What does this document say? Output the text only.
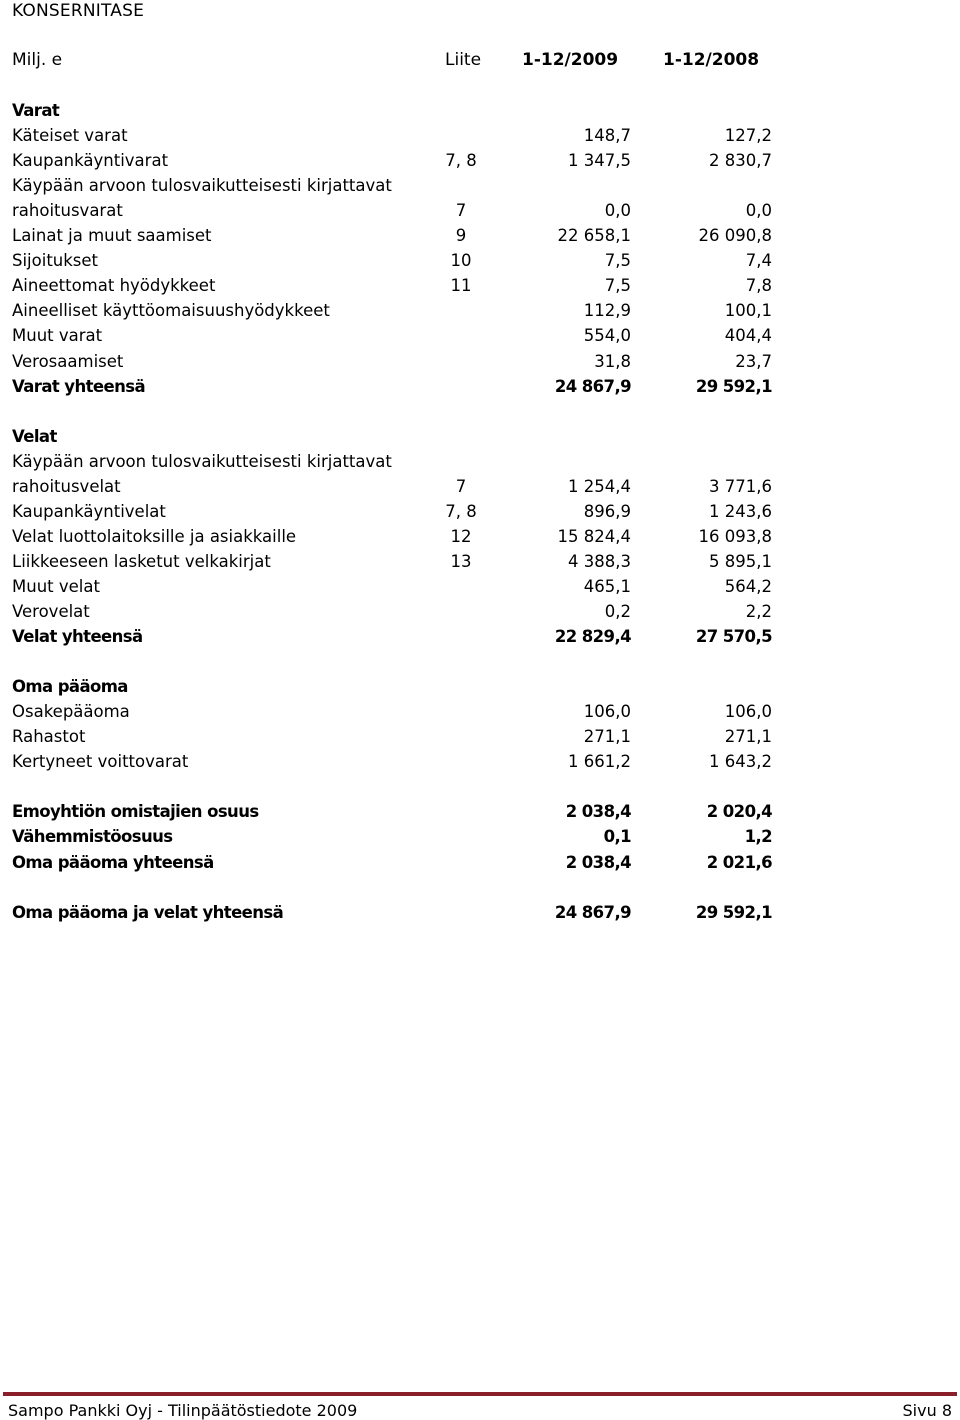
KONSERNITASE
Milj. e	Liite 1-12/2009	1-12/2008
Varat
Käteiset varat	148,7	127,2
Kaupankäyntivarat	7, 8	1 347,5	2 830,7
Käypään arvoon tulosvaikutteisesti kirjattavat
rahoitusvarat	7	0,0	0,0
Lainat ja muut saamiset	9	22 658,1	26 090,8
Sijoitukset	10	7,5	7,4
Aineettomat hyödykkeet	11	7,5	7,8
Aineelliset käyttöomaisuushyödykkeet	112,9	100,1
Muut varat	554,0	404,4
Verosaamiset	31,8	23,7
Varat yhteensä	24 867,9	29 592,1
Velat
Käypään arvoon tulosvaikutteisesti kirjattavat
rahoitusvelat	7	1 254,4	3 771,6
Kaupankäyntivelat	7, 8	896,9	1 243,6
Velat luottolaitoksille ja asiakkaille	12	15 824,4	16 093,8
Liikkeeseen lasketut velkakirjat	13	4 388,3	5 895,1
Muut velat	465,1	564,2
Verovelat	0,2	2,2
Velat yhteensä	22 829,4	27 570,5
Oma pääoma
Osakepääoma	106,0	106,0
Rahastot	271,1	271,1
Kertyneet voittovarat	1 661,2	1 643,2
Emoyhtiön omistajien osuus	2 038,4	2 020,4
Vähemmistöosuus	0,1	1,2
Oma pääoma yhteensä	2 038,4	2 021,6
Oma pääoma ja velat yhteensä	24 867,9	29 592,1
Sampo Pankki Oyj - Tilinpäätöstiedote 2009	Sivu 8
